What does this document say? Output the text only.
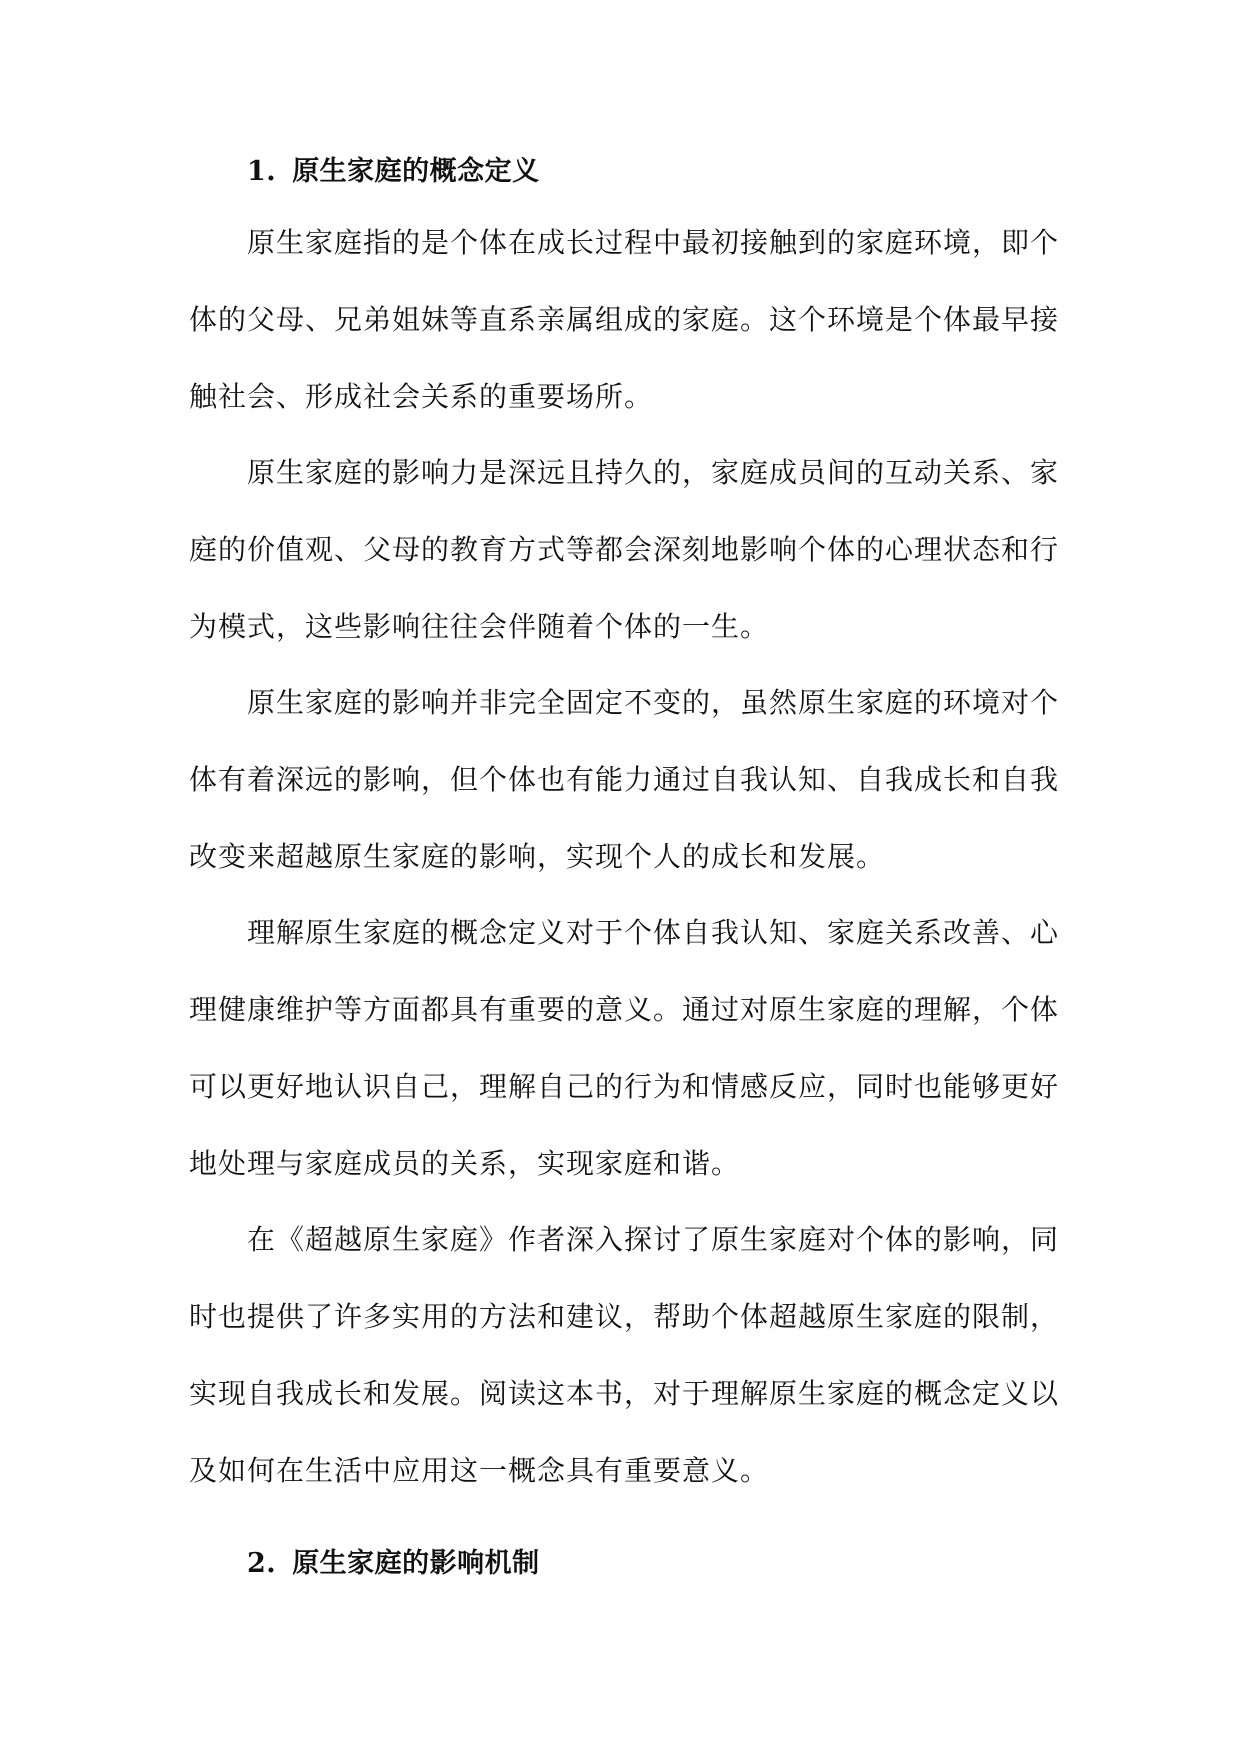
1. 原生家庭的概念定义

原生家庭指的是个体在成长过程中最初接触到的家庭环境，即个体的父母、兄弟姐妹等直系亲属组成的家庭。这个环境是个体最早接触社会、形成社会关系的重要场所。

原生家庭的影响力是深远且持久的，家庭成员间的互动关系、家庭的价值观、父母的教育方式等都会深刻地影响个体的心理状态和行为模式，这些影响往往会伴随着个体的一生。

原生家庭的影响并非完全固定不变的，虽然原生家庭的环境对个体有着深远的影响，但个体也有能力通过自我认知、自我成长和自我改变来超越原生家庭的影响，实现个人的成长和发展。

理解原生家庭的概念定义对于个体自我认知、家庭关系改善、心理健康维护等方面都具有重要的意义。通过对原生家庭的理解，个体可以更好地认识自己，理解自己的行为和情感反应，同时也能够更好地处理与家庭成员的关系，实现家庭和谐。

在《超越原生家庭》作者深入探讨了原生家庭对个体的影响，同时也提供了许多实用的方法和建议，帮助个体超越原生家庭的限制，实现自我成长和发展。阅读这本书，对于理解原生家庭的概念定义以及如何在生活中应用这一概念具有重要意义。

2. 原生家庭的影响机制
